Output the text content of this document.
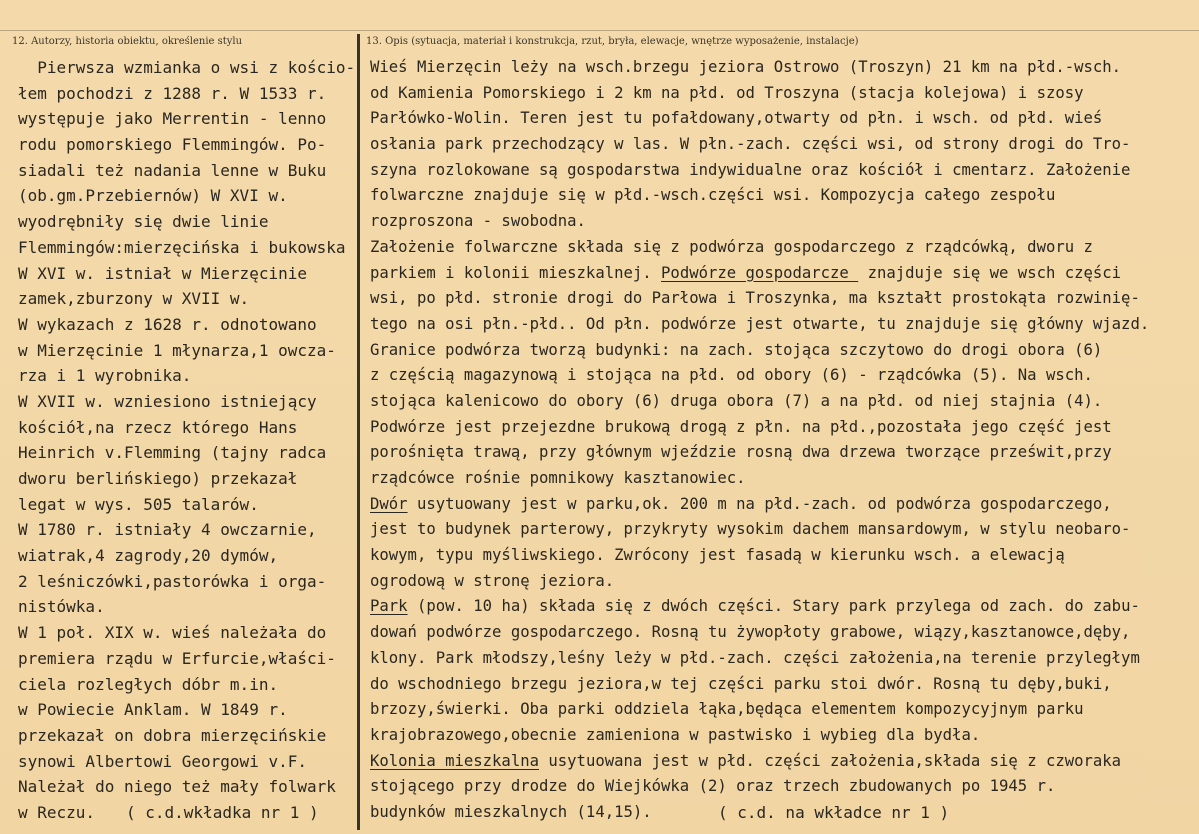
12. Autorzy, historia obiektu, określenie stylu	13. Opis (sytuacja, materiał i konstrukcja, rzut, bryła, elewacje, wnętrze wyposażenie, instalacje)
Pierwsza wzmianka o wsi z kościo-
łem pochodzi z 1288 r. W 1533 r.
występuje jako Merrentin - lenno
rodu pomorskiego Flemmingów. Po-
siadali też nadania lenne w Buku
(ob.gm.Przebiernów) W XVI w.
wyodrębniły się dwie linie
Flemmingów:mierzęcińska i bukowska
W XVI w. istniał w Mierzęcinie
zamek,zburzony w XVII w.
W wykazach z 1628 r. odnotowano
w Mierzęcinie 1 młynarza,1 owcza-
rza i 1 wyrobnika.
W XVII w. wzniesiono istniejący
kościół,na rzecz którego Hans
Heinrich v.Flemming (tajny radca
dworu berlińskiego) przekazał
legat w wys. 505 talarów.
W 1780 r. istniały 4 owczarnie,
wiatrak,4 zagrody,20 dymów,
2 leśniczówki,pastorówka i orga-
nistówka.
W 1 poł. XIX w. wieś należała do
premiera rządu w Erfurcie,właści-
ciela rozległych dóbr m.in.
w Powiecie Anklam. W 1849 r.
przekazał on dobra mierzęcińskie
synowi Albertowi Georgowi v.F.
Należał do niego też mały folwark
w Reczu.
Wieś Mierzęcin leży na wsch.brzegu jeziora Ostrowo (Troszyn) 21 km na płd.-wsch.
od Kamienia Pomorskiego i 2 km na płd. od Troszyna (stacja kolejowa) i szosy
Parłówko-Wolin. Teren jest tu pofałdowany,otwarty od płn. i wsch. od płd. wieś
osłania park przechodzący w las. W płn.-zach. części wsi, od strony drogi do Tro-
szyna rozlokowane są gospodarstwa indywidualne oraz kościół i cmentarz. Założenie
folwarczne znajduje się w płd.-wsch.części wsi. Kompozycja całego zespołu
rozproszona - swobodna.
Założenie folwarczne składa się z podwórza gospodarczego z rządcówką, dworu z
parkiem i kolonii mieszkalnej. Podwórze gospodarcze  znajduje się we wsch części
wsi, po płd. stronie drogi do Parłowa i Troszynka, ma kształt prostokąta rozwinię-
tego na osi płn.-płd.. Od płn. podwórze jest otwarte, tu znajduje się główny wjazd.
Granice podwórza tworzą budynki: na zach. stojąca szczytowo do drogi obora (6)
z częścią magazynową i stojąca na płd. od obory (6) - rządcówka (5). Na wsch.
stojąca kalenicowo do obory (6) druga obora (7) a na płd. od niej stajnia (4).
Podwórze jest przejezdne brukową drogą z płn. na płd.,pozostała jego część jest
porośnięta trawą, przy głównym wjeździe rosną dwa drzewa tworzące prześwit,przy
rządcówce rośnie pomnikowy kasztanowiec.
Dwór usytuowany jest w parku,ok. 200 m na płd.-zach. od podwórza gospodarczego,
jest to budynek parterowy, przykryty wysokim dachem mansardowym, w stylu neobaro-
kowym, typu myśliwskiego. Zwrócony jest fasadą w kierunku wsch. a elewacją
ogrodową w stronę jeziora.
Park (pow. 10 ha) składa się z dwóch części. Stary park przylega od zach. do zabu-
dowań podwórze gospodarczego. Rosną tu żywopłoty grabowe, wiązy,kasztanowce,dęby,
klony. Park młodszy,leśny leży w płd.-zach. części założenia,na terenie przyległym
do wschodniego brzegu jeziora,w tej części parku stoi dwór. Rosną tu dęby,buki,
brzozy,świerki. Oba parki oddziela łąka,będąca elementem kompozycyjnym parku
krajobrazowego,obecnie zamieniona w pastwisko i wybieg dla bydła.
Kolonia mieszkalna usytuowana jest w płd. części założenia,składa się z czworaka
stojącego przy drodze do Wiejkówka (2) oraz trzech zbudowanych po 1945 r.
budynków mieszkalnych (14,15).
( c.d.wkładka nr 1 )	( c.d. na wkładce nr 1 )
